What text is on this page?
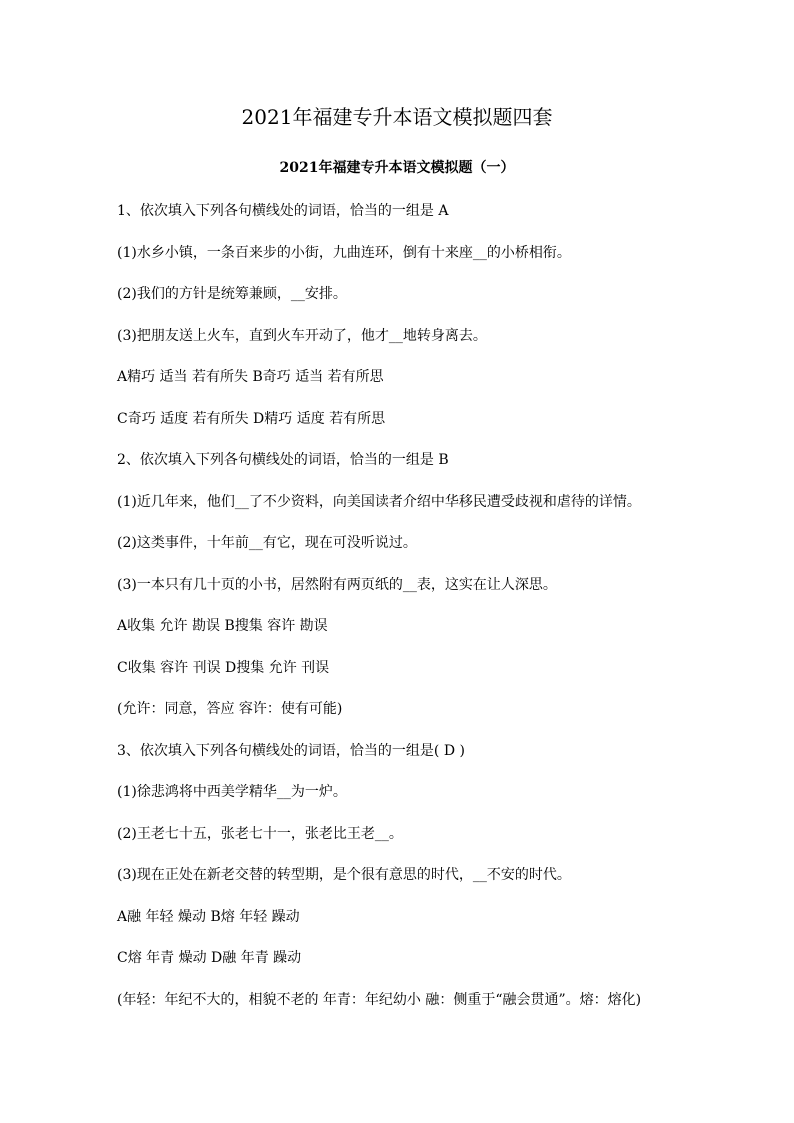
2021年福建专升本语文模拟题四套
2021年福建专升本语文模拟题（一）
1、依次填入下列各句横线处的词语，恰当的一组是 A
(1)水乡小镇，一条百来步的小街，九曲连环，倒有十来座__的小桥相衔。
(2)我们的方针是统筹兼顾，__安排。
(3)把朋友送上火车，直到火车开动了，他才__地转身离去。
A精巧 适当 若有所失 B奇巧 适当 若有所思
C奇巧 适度 若有所失 D精巧 适度 若有所思
2、依次填入下列各句横线处的词语，恰当的一组是 B
(1)近几年来，他们__了不少资料，向美国读者介绍中华移民遭受歧视和虐待的详情。
(2)这类事件，十年前__有它，现在可没听说过。
(3)一本只有几十页的小书，居然附有两页纸的__表，这实在让人深思。
A收集 允许 勘误 B搜集 容许 勘误
C收集 容许 刊误 D搜集 允许 刊误
(允许：同意，答应 容许：使有可能)
3、依次填入下列各句横线处的词语，恰当的一组是( D )
(1)徐悲鸿将中西美学精华__为一炉。
(2)王老七十五，张老七十一，张老比王老__。
(3)现在正处在新老交替的转型期，是个很有意思的时代，__不安的时代。
A融 年轻 燥动 B熔 年轻 躁动
C熔 年青 燥动 D融 年青 躁动
(年轻：年纪不大的，相貌不老的 年青：年纪幼小 融：侧重于“融会贯通”。熔：熔化)
